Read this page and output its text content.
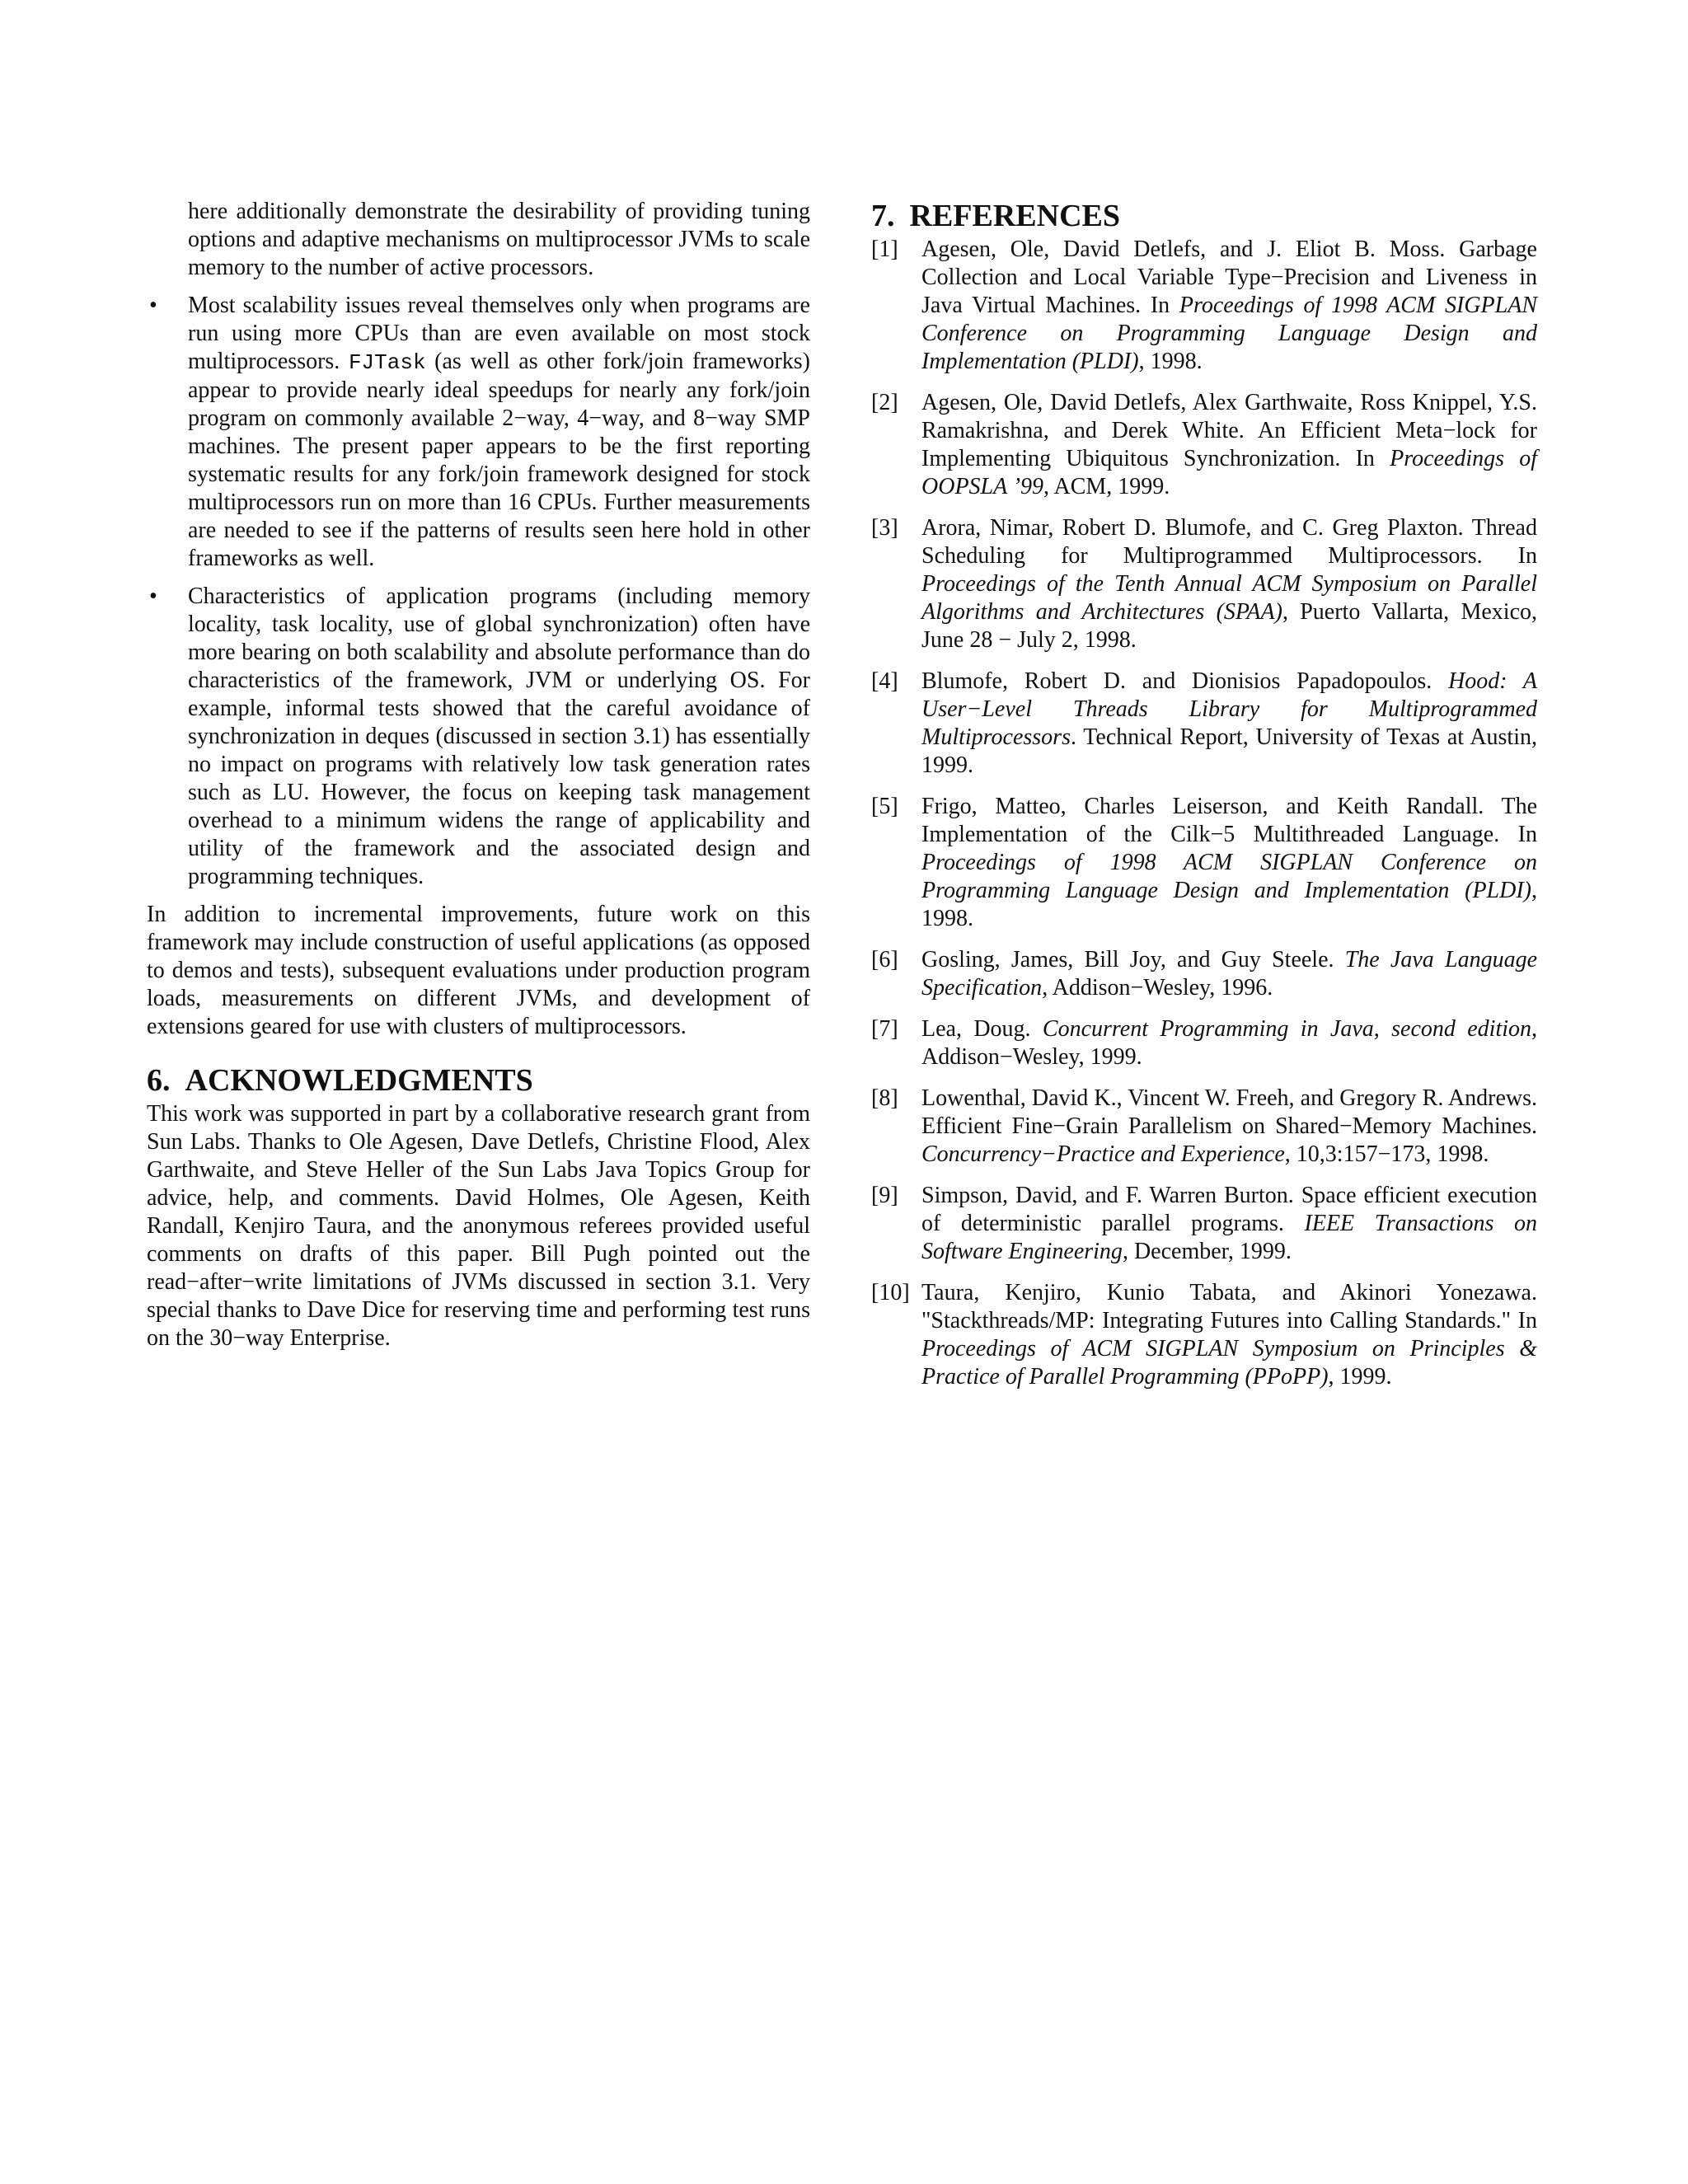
here additionally demonstrate the desirability of providing tuning options and adaptive mechanisms on multiprocessor JVMs to scale memory to the number of active processors.

• Most scalability issues reveal themselves only when programs are run using more CPUs than are even available on most stock multiprocessors. FJTask (as well as other fork/join frameworks) appear to provide nearly ideal speedups for nearly any fork/join program on commonly available 2−way, 4−way, and 8−way SMP machines. The present paper appears to be the first reporting systematic results for any fork/join framework designed for stock multiprocessors run on more than 16 CPUs. Further measurements are needed to see if the patterns of results seen here hold in other frameworks as well.

• Characteristics of application programs (including memory locality, task locality, use of global synchronization) often have more bearing on both scalability and absolute performance than do characteristics of the framework, JVM or underlying OS. For example, informal tests showed that the careful avoidance of synchronization in deques (discussed in section 3.1) has essentially no impact on programs with relatively low task generation rates such as LU. However, the focus on keeping task management overhead to a minimum widens the range of applicability and utility of the framework and the associated design and programming techniques.

In addition to incremental improvements, future work on this framework may include construction of useful applications (as opposed to demos and tests), subsequent evaluations under production program loads, measurements on different JVMs, and development of extensions geared for use with clusters of multiprocessors.

6. ACKNOWLEDGMENTS

This work was supported in part by a collaborative research grant from Sun Labs. Thanks to Ole Agesen, Dave Detlefs, Christine Flood, Alex Garthwaite, and Steve Heller of the Sun Labs Java Topics Group for advice, help, and comments. David Holmes, Ole Agesen, Keith Randall, Kenjiro Taura, and the anonymous referees provided useful comments on drafts of this paper. Bill Pugh pointed out the read−after−write limitations of JVMs discussed in section 3.1. Very special thanks to Dave Dice for reserving time and performing test runs on the 30−way Enterprise.

7. REFERENCES
[1] Agesen, Ole, David Detlefs, and J. Eliot B. Moss. Garbage Collection and Local Variable Type−Precision and Liveness in Java Virtual Machines. In Proceedings of 1998 ACM SIGPLAN Conference on Programming Language Design and Implementation (PLDI), 1998.

[2] Agesen, Ole, David Detlefs, Alex Garthwaite, Ross Knippel, Y.S. Ramakrishna, and Derek White. An Efficient Meta−lock for Implementing Ubiquitous Synchronization. In Proceedings of OOPSLA ’99, ACM, 1999.

[3] Arora, Nimar, Robert D. Blumofe, and C. Greg Plaxton. Thread Scheduling for Multiprogrammed Multiprocessors. In Proceedings of the Tenth Annual ACM Symposium on Parallel Algorithms and Architectures (SPAA), Puerto Vallarta, Mexico, June 28 − July 2, 1998.

[4] Blumofe, Robert D. and Dionisios Papadopoulos. Hood: A User−Level Threads Library for Multiprogrammed Multiprocessors. Technical Report, University of Texas at Austin, 1999.

[5] Frigo, Matteo, Charles Leiserson, and Keith Randall. The Implementation of the Cilk−5 Multithreaded Language. In Proceedings of 1998 ACM SIGPLAN Conference on Programming Language Design and Implementation (PLDI), 1998.

[6] Gosling, James, Bill Joy, and Guy Steele. The Java Language Specification, Addison−Wesley, 1996.

[7] Lea, Doug. Concurrent Programming in Java, second edition, Addison−Wesley, 1999.

[8] Lowenthal, David K., Vincent W. Freeh, and Gregory R. Andrews. Efficient Fine−Grain Parallelism on Shared−Memory Machines. Concurrency−Practice and Experience, 10,3:157−173, 1998.

[9] Simpson, David, and F. Warren Burton. Space efficient execution of deterministic parallel programs. IEEE Transactions on Software Engineering, December, 1999.

[10] Taura, Kenjiro, Kunio Tabata, and Akinori Yonezawa. "Stackthreads/MP: Integrating Futures into Calling Standards." In Proceedings of ACM SIGPLAN Symposium on Principles & Practice of Parallel Programming (PPoPP), 1999.
